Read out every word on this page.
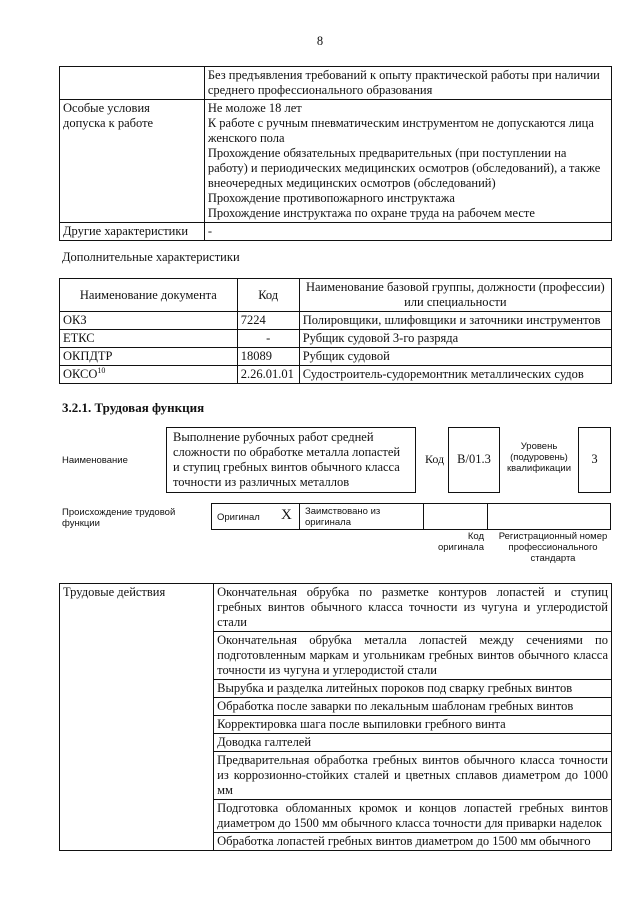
8
	Без предъявления требований к опыту практической работы при наличии среднего профессионального образования
Особые условия допуска к работе	Не моложе 18 лет
К работе с ручным пневматическим инструментом не допускаются лица женского пола
Прохождение обязательных предварительных (при поступлении на работу) и периодических медицинских осмотров (обследований), а также внеочередных медицинских осмотров (обследований)
Прохождение противопожарного инструктажа
Прохождение инструктажа по охране труда на рабочем месте

Другие характеристики	-
Дополнительные характеристики
Наименование документа	Код	Наименование базовой группы, должности (профессии) или специальности
ОКЗ	7224	Полировщики, шлифовщики и заточники инструментов
ЕТКС	-	Рубщик судовой 3-го разряда
ОКПДТР	18089	Рубщик судовой
ОКСО$^{10}$	2.26.01.01	Судостроитель-судоремонтник металлических судов
3.2.1. Трудовая функция
Наименование
Выполнение рубочных работ средней сложности по обработке металла лопастей и ступиц гребных винтов обычного класса точности из различных металлов
Код	B/01.3
Уровень (подуровень) квалификации
3
Происхождение трудовой функции
Оригинал X Заимствовано из оригинала
Код оригинала
Регистрационный номер профессионального стандарта
Трудовые действия	Окончательная обрубка по разметке контуров лопастей и ступиц гребных винтов обычного класса точности из чугуна и углеродистой стали
Окончательная обрубка металла лопастей между сечениями по подготовленным маркам и угольникам гребных винтов обычного класса точности из чугуна и углеродистой стали
Вырубка и разделка литейных пороков под сварку гребных винтов
Обработка после заварки по лекальным шаблонам гребных винтов
Корректировка шага после выпиловки гребного винта
Доводка галтелей
Предварительная обработка гребных винтов обычного класса точности из коррозионно-стойких сталей и цветных сплавов диаметром до 1000 мм
Подготовка обломанных кромок и концов лопастей гребных винтов диаметром до 1500 мм обычного класса точности для приварки наделок
Обработка лопастей гребных винтов диаметром до 1500 мм обычного
